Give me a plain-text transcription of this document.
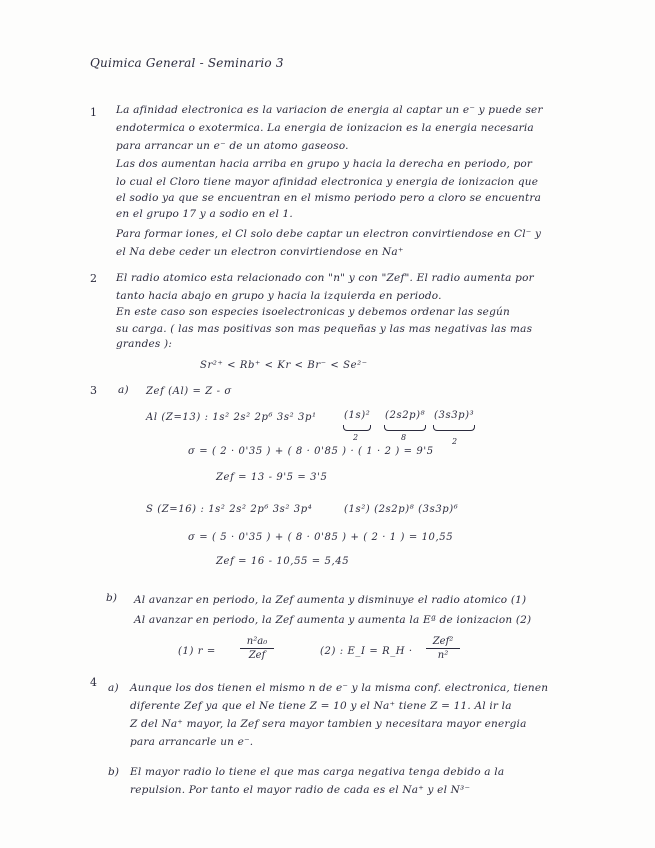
Quimica General - Seminario 3
1 La afinidad electronica es la variacion de energia al captar un e⁻ y puede ser
endotermica o exotermica. La energia de ionizacion es la energia necesaria
para arrancar un e⁻ de un atomo gaseoso.
Las dos aumentan hacia arriba en grupo y hacia la derecha en periodo, por
lo cual el Cloro tiene mayor afinidad electronica y energia de ionizacion que
el sodio ya que se encuentran en el mismo periodo pero a cloro se encuentra
en el grupo 17 y a sodio en el 1.
Para formar iones, el Cl solo debe captar un electron convirtiendose en Cl⁻ y
el Na debe ceder un electron convirtiendose en Na⁺
2 El radio atomico esta relacionado con "n" y con "Zef". El radio aumenta por
tanto hacia abajo en grupo y hacia la izquierda en periodo.
En este caso son especies isoelectronicas y debemos ordenar las según
su carga. ( las mas positivas son mas pequeñas y las mas negativas las mas
grandes ):
Sr²⁺ < Rb⁺ < Kr < Br⁻ < Se²⁻
3 a) Zef (Al) = Z - σ
Al (Z=13) : 1s² 2s² 2p⁶ 3s² 3p¹	(1s)² (2s2p)⁸ (3s3p)³
2	8	2
σ = ( 2 · 0'35 ) + ( 8 · 0'85 ) · ( 1 · 2 ) = 9'5
Zef = 13 - 9'5 = 3'5
S (Z=16) : 1s² 2s² 2p⁶ 3s² 3p⁴	(1s²) (2s2p)⁸ (3s3p)⁶
σ = ( 5 · 0'35 ) + ( 8 · 0'85 ) + ( 2 · 1 ) = 10,55
Zef = 16 - 10,55 = 5,45
b) Al avanzar en periodo, la Zef aumenta y disminuye el radio atomico (1)
Al avanzar en periodo, la Zef aumenta y aumenta la Eª de ionizacion (2)
(1) r =
n²a₀
Zef	(2) : E_I = R_H ·
Zef²
n²
4 a) Aunque los dos tienen el mismo n de e⁻ y la misma conf. electronica, tienen
diferente Zef ya que el Ne tiene Z = 10 y el Na⁺ tiene Z = 11. Al ir la
Z del Na⁺ mayor, la Zef sera mayor tambien y necesitara mayor energia
para arrancarle un e⁻.
b) El mayor radio lo tiene el que mas carga negativa tenga debido a la
repulsion. Por tanto el mayor radio de cada es el Na⁺ y el N³⁻
